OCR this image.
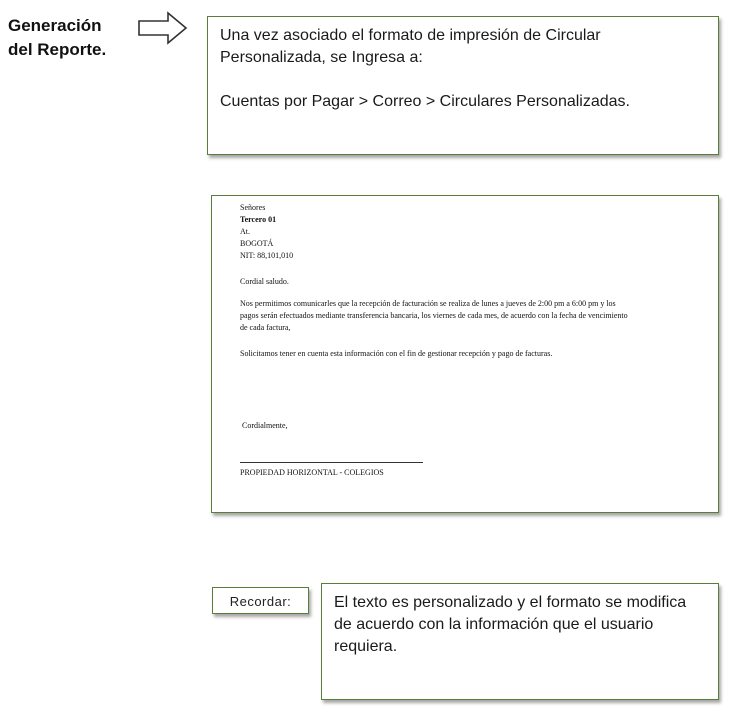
Generación
del Reporte.

Una vez asociado el formato de impresión de Circular

Personalizada, se Ingresa a:

Cuentas por Pagar > Correo > Circulares Personalizadas.

Señores
Tercero 01
At.
BOGOTÁ
NIT: 88,101,010
Cordial saludo.
Nos permitimos comunicarles que la recepción de facturación se realiza de lunes a jueves de 2:00 pm a 6:00 pm y los
pagos serán efectuados mediante transferencia bancaria, los viernes de cada mes, de acuerdo con la fecha de vencimiento
de cada factura,
Solicitamos tener en cuenta esta información con el fin de gestionar recepción y pago de facturas.
Cordialmente,
PROPIEDAD HORIZONTAL - COLEGIOS
Recordar:	El texto es personalizado y el formato se modifica

de acuerdo con la información que el usuario

requiera.
